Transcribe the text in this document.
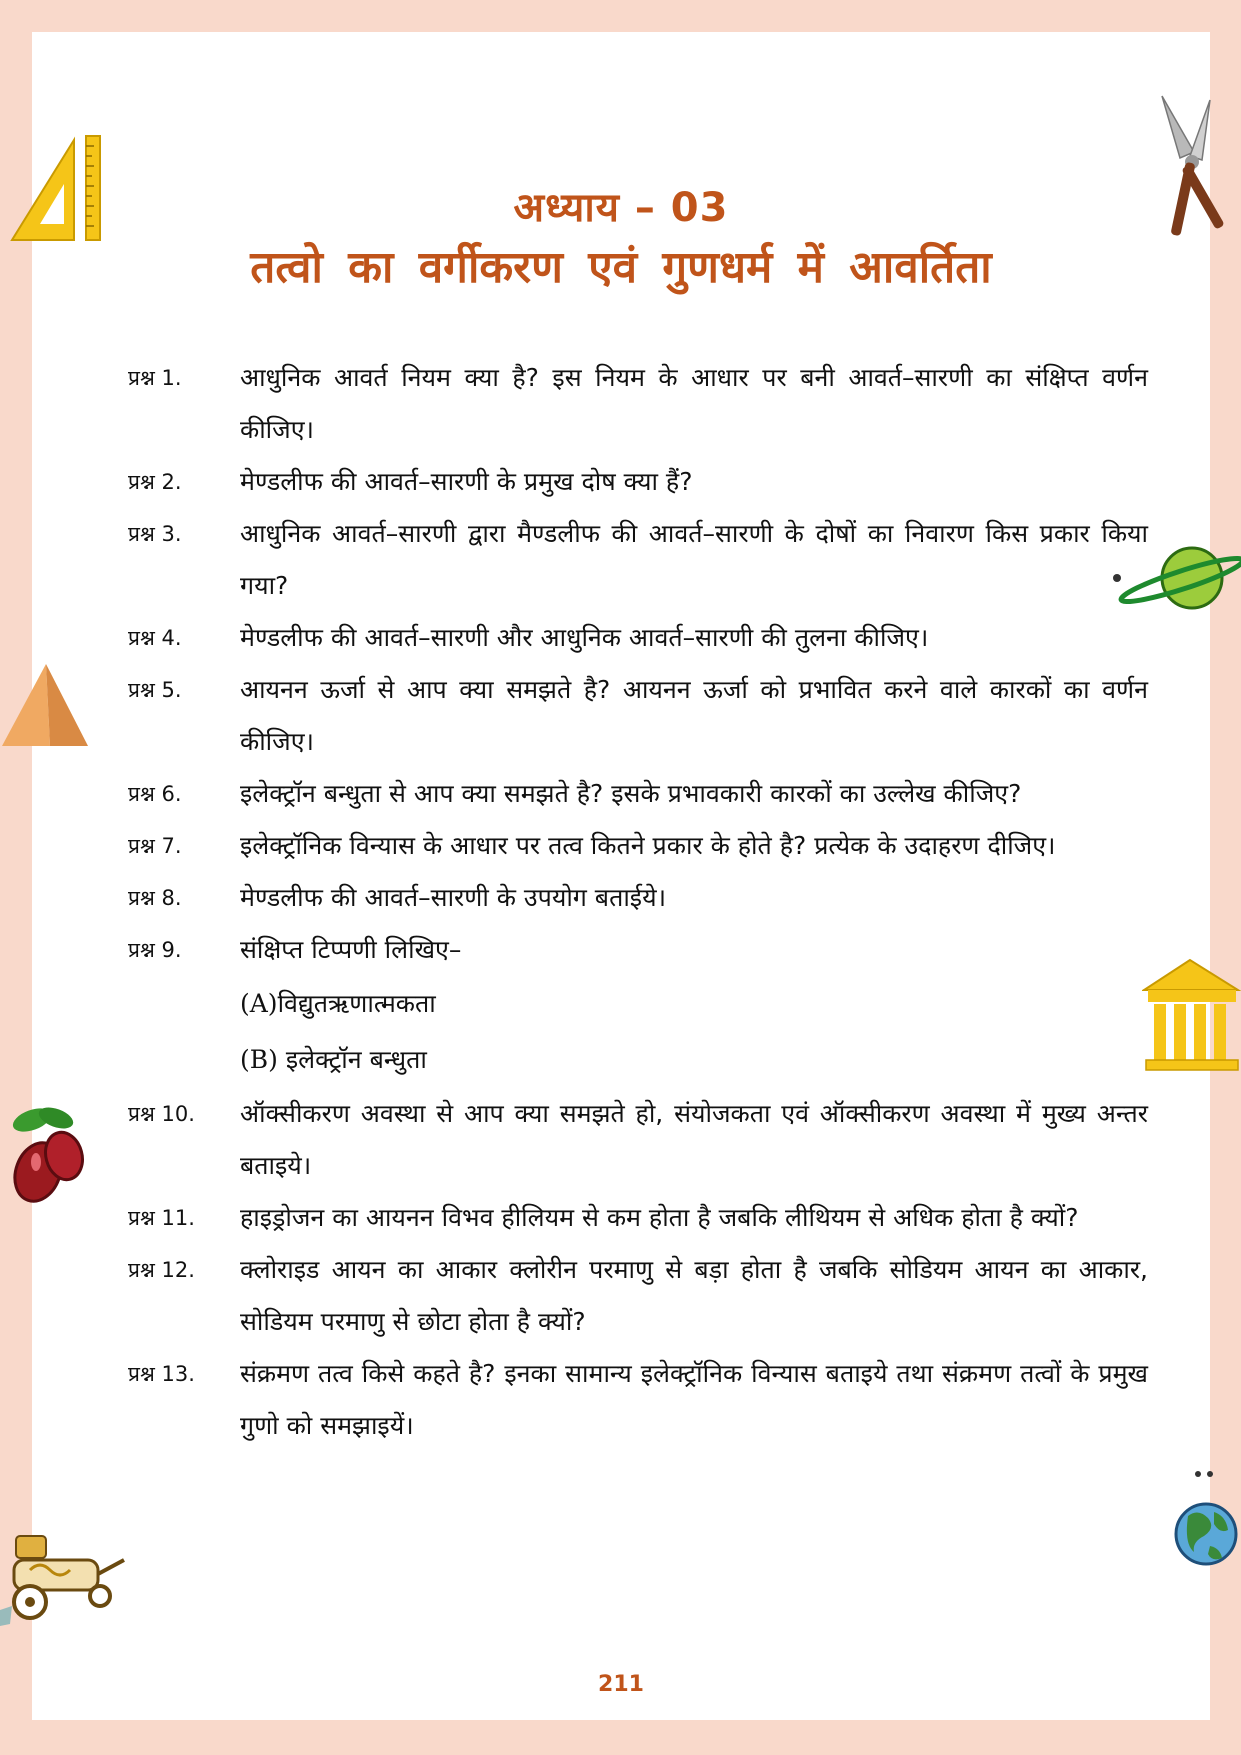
अध्याय – 03
तत्वो का वर्गीकरण एवं गुणधर्म में आवर्तिता
प्रश्न 1.	आधुनिक आवर्त नियम क्या है? इस नियम के आधार पर बनी आवर्त–सारणी का संक्षिप्त वर्णन कीजिए।
प्रश्न 2.	मेण्डलीफ की आवर्त–सारणी के प्रमुख दोष क्या हैं?
प्रश्न 3.	आधुनिक आवर्त–सारणी द्वारा मैण्डलीफ की आवर्त–सारणी के दोषों का निवारण किस प्रकार किया गया?
प्रश्न 4.	मेण्डलीफ की आवर्त–सारणी और आधुनिक आवर्त–सारणी की तुलना कीजिए।
प्रश्न 5.	आयनन ऊर्जा से आप क्या समझते है? आयनन ऊर्जा को प्रभावित करने वाले कारकों का वर्णन कीजिए।
प्रश्न 6.	इलेक्ट्रॉन बन्धुता से आप क्या समझते है? इसके प्रभावकारी कारकों का उल्लेख कीजिए?
प्रश्न 7.	इलेक्ट्रॉनिक विन्यास के आधार पर तत्व कितने प्रकार के होते है? प्रत्येक के उदाहरण दीजिए।
प्रश्न 8.	मेण्डलीफ की आवर्त–सारणी के उपयोग बताईये।
प्रश्न 9.	संक्षिप्त टिप्पणी लिखिए–
(A)विद्युतऋणात्मकता
(B) इलेक्ट्रॉन बन्धुता
प्रश्न 10.	ऑक्सीकरण अवस्था से आप क्या समझते हो, संयोजकता एवं ऑक्सीकरण अवस्था में मुख्य अन्तर बताइये।
प्रश्न 11.	हाइड्रोजन का आयनन विभव हीलियम से कम होता है जबकि लीथियम से अधिक होता है क्यों?
प्रश्न 12.	क्लोराइड आयन का आकार क्लोरीन परमाणु से बड़ा होता है जबकि सोडियम आयन का आकार, सोडियम परमाणु से छोटा होता है क्यों?
प्रश्न 13.	संक्रमण तत्व किसे कहते है? इनका सामान्य इलेक्ट्रॉनिक विन्यास बताइये तथा संक्रमण तत्वों के प्रमुख गुणो को समझाइयें।
211
